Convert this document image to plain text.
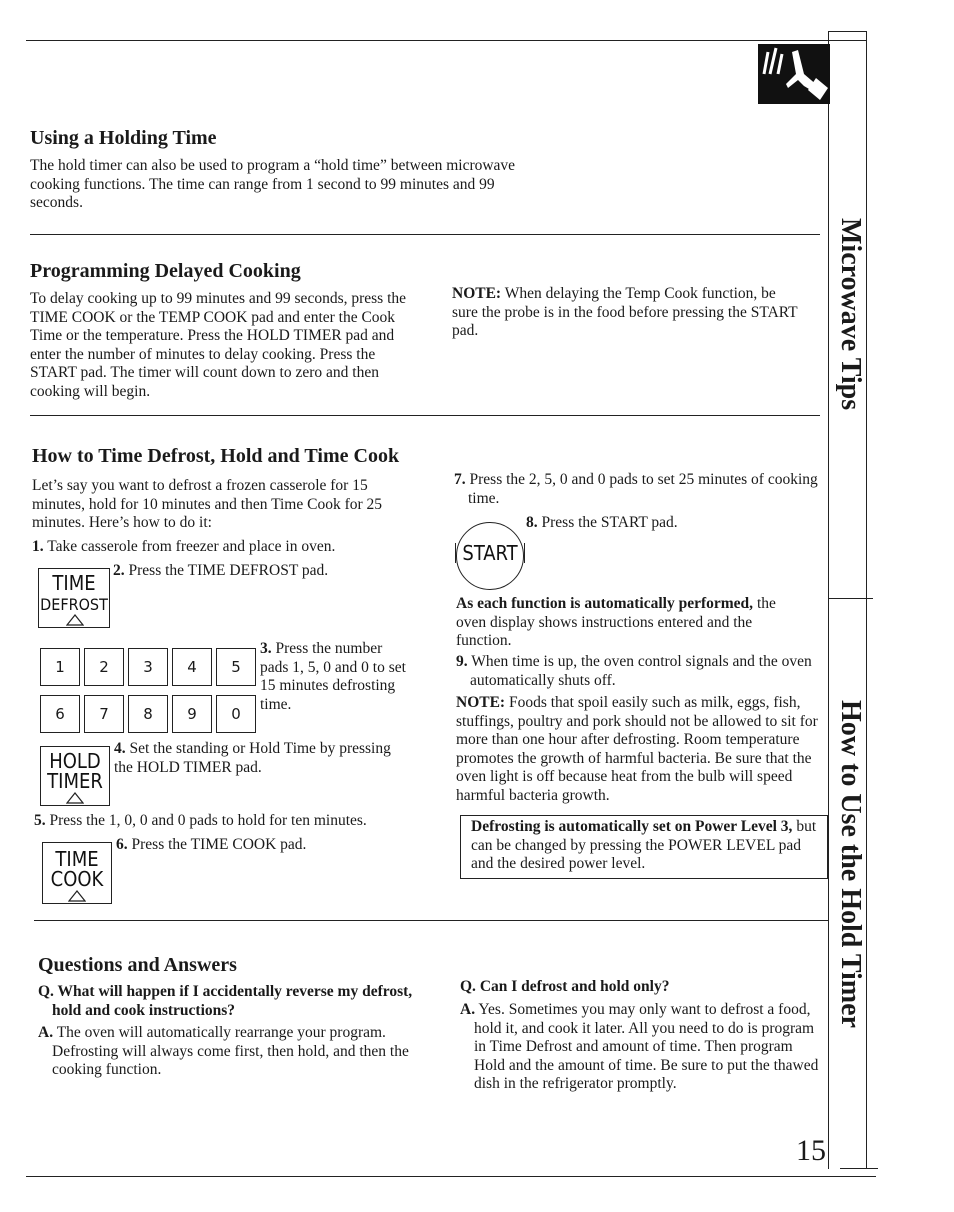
Microwave Tips
How to Use the Hold Timer
Using a Holding Time
The hold timer can also be used to program a “hold time” between microwave cooking functions. The time can range from 1 second to 99 minutes and 99 seconds.
Programming Delayed Cooking
To delay cooking up to 99 minutes and 99 seconds, press the TIME COOK or the TEMP COOK pad and enter the Cook Time or the temperature. Press the HOLD TIMER pad and enter the number of minutes to delay cooking. Press the START pad. The timer will count down to zero and then cooking will begin.
NOTE: When delaying the Temp Cook function, be sure the probe is in the food before pressing the START pad.
How to Time Defrost, Hold and Time Cook
Let’s say you want to defrost a frozen casserole for 15 minutes, hold for 10 minutes and then Time Cook for 25 minutes. Here’s how to do it:
1. Take casserole from freezer and place in oven.
TIME
DEFROST
2. Press the TIME DEFROST pad.
1 2 3 4 5
6 7 8 9 0
3. Press the number pads 1, 5, 0 and 0 to set 15 minutes defrosting time.
HOLD
TIMER
4. Set the standing or Hold Time by pressing the HOLD TIMER pad.
5. Press the 1, 0, 0 and 0 pads to hold for ten minutes.
TIME
COOK
6. Press the TIME COOK pad.
7. Press the 2, 5, 0 and 0 pads to set 25 minutes of cooking time.
START
8. Press the START pad.
As each function is automatically performed, the oven display shows instructions entered and the function.
9. When time is up, the oven control signals and the oven automatically shuts off.
NOTE: Foods that spoil easily such as milk, eggs, fish, stuffings, poultry and pork should not be allowed to sit for more than one hour after defrosting. Room temperature promotes the growth of harmful bacteria. Be sure that the oven light is off because heat from the bulb will speed harmful bacteria growth.
Defrosting is automatically set on Power Level 3, but can be changed by pressing the POWER LEVEL pad and the desired power level.
Questions and Answers
Q. What will happen if I accidentally reverse my defrost, hold and cook instructions?
A. The oven will automatically rearrange your program. Defrosting will always come first, then hold, and then the cooking function.
Q. Can I defrost and hold only?
A. Yes. Sometimes you may only want to defrost a food, hold it, and cook it later. All you need to do is program in Time Defrost and amount of time. Then program Hold and the amount of time. Be sure to put the thawed dish in the refrigerator promptly.
15
